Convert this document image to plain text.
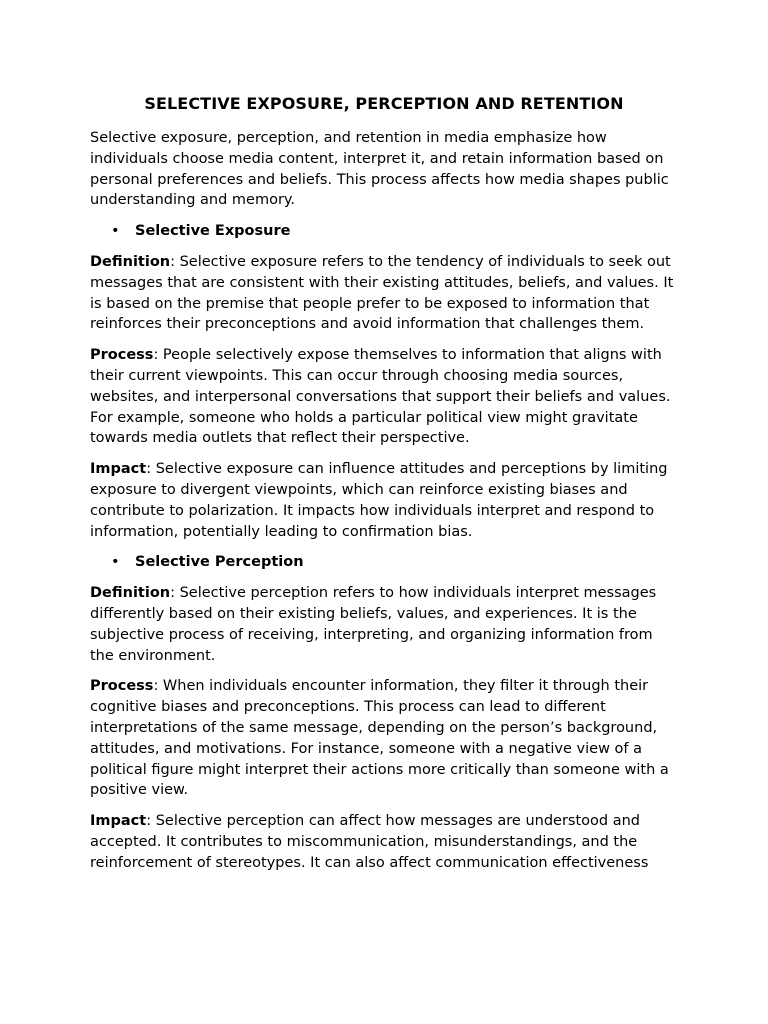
SELECTIVE EXPOSURE, PERCEPTION AND RETENTION

Selective exposure, perception, and retention in media emphasize how individuals choose media content, interpret it, and retain information based on personal preferences and beliefs. This process affects how media shapes public understanding and memory.

• Selective Exposure

Definition: Selective exposure refers to the tendency of individuals to seek out messages that are consistent with their existing attitudes, beliefs, and values. It is based on the premise that people prefer to be exposed to information that reinforces their preconceptions and avoid information that challenges them.

Process: People selectively expose themselves to information that aligns with their current viewpoints. This can occur through choosing media sources, websites, and interpersonal conversations that support their beliefs and values. For example, someone who holds a particular political view might gravitate towards media outlets that reflect their perspective.

Impact: Selective exposure can influence attitudes and perceptions by limiting exposure to divergent viewpoints, which can reinforce existing biases and contribute to polarization. It impacts how individuals interpret and respond to information, potentially leading to confirmation bias.

• Selective Perception

Definition: Selective perception refers to how individuals interpret messages differently based on their existing beliefs, values, and experiences. It is the subjective process of receiving, interpreting, and organizing information from the environment.

Process: When individuals encounter information, they filter it through their cognitive biases and preconceptions. This process can lead to different interpretations of the same message, depending on the person’s background, attitudes, and motivations. For instance, someone with a negative view of a political figure might interpret their actions more critically than someone with a positive view.

Impact: Selective perception can affect how messages are understood and accepted. It contributes to miscommunication, misunderstandings, and the reinforcement of stereotypes. It can also affect communication effectiveness
